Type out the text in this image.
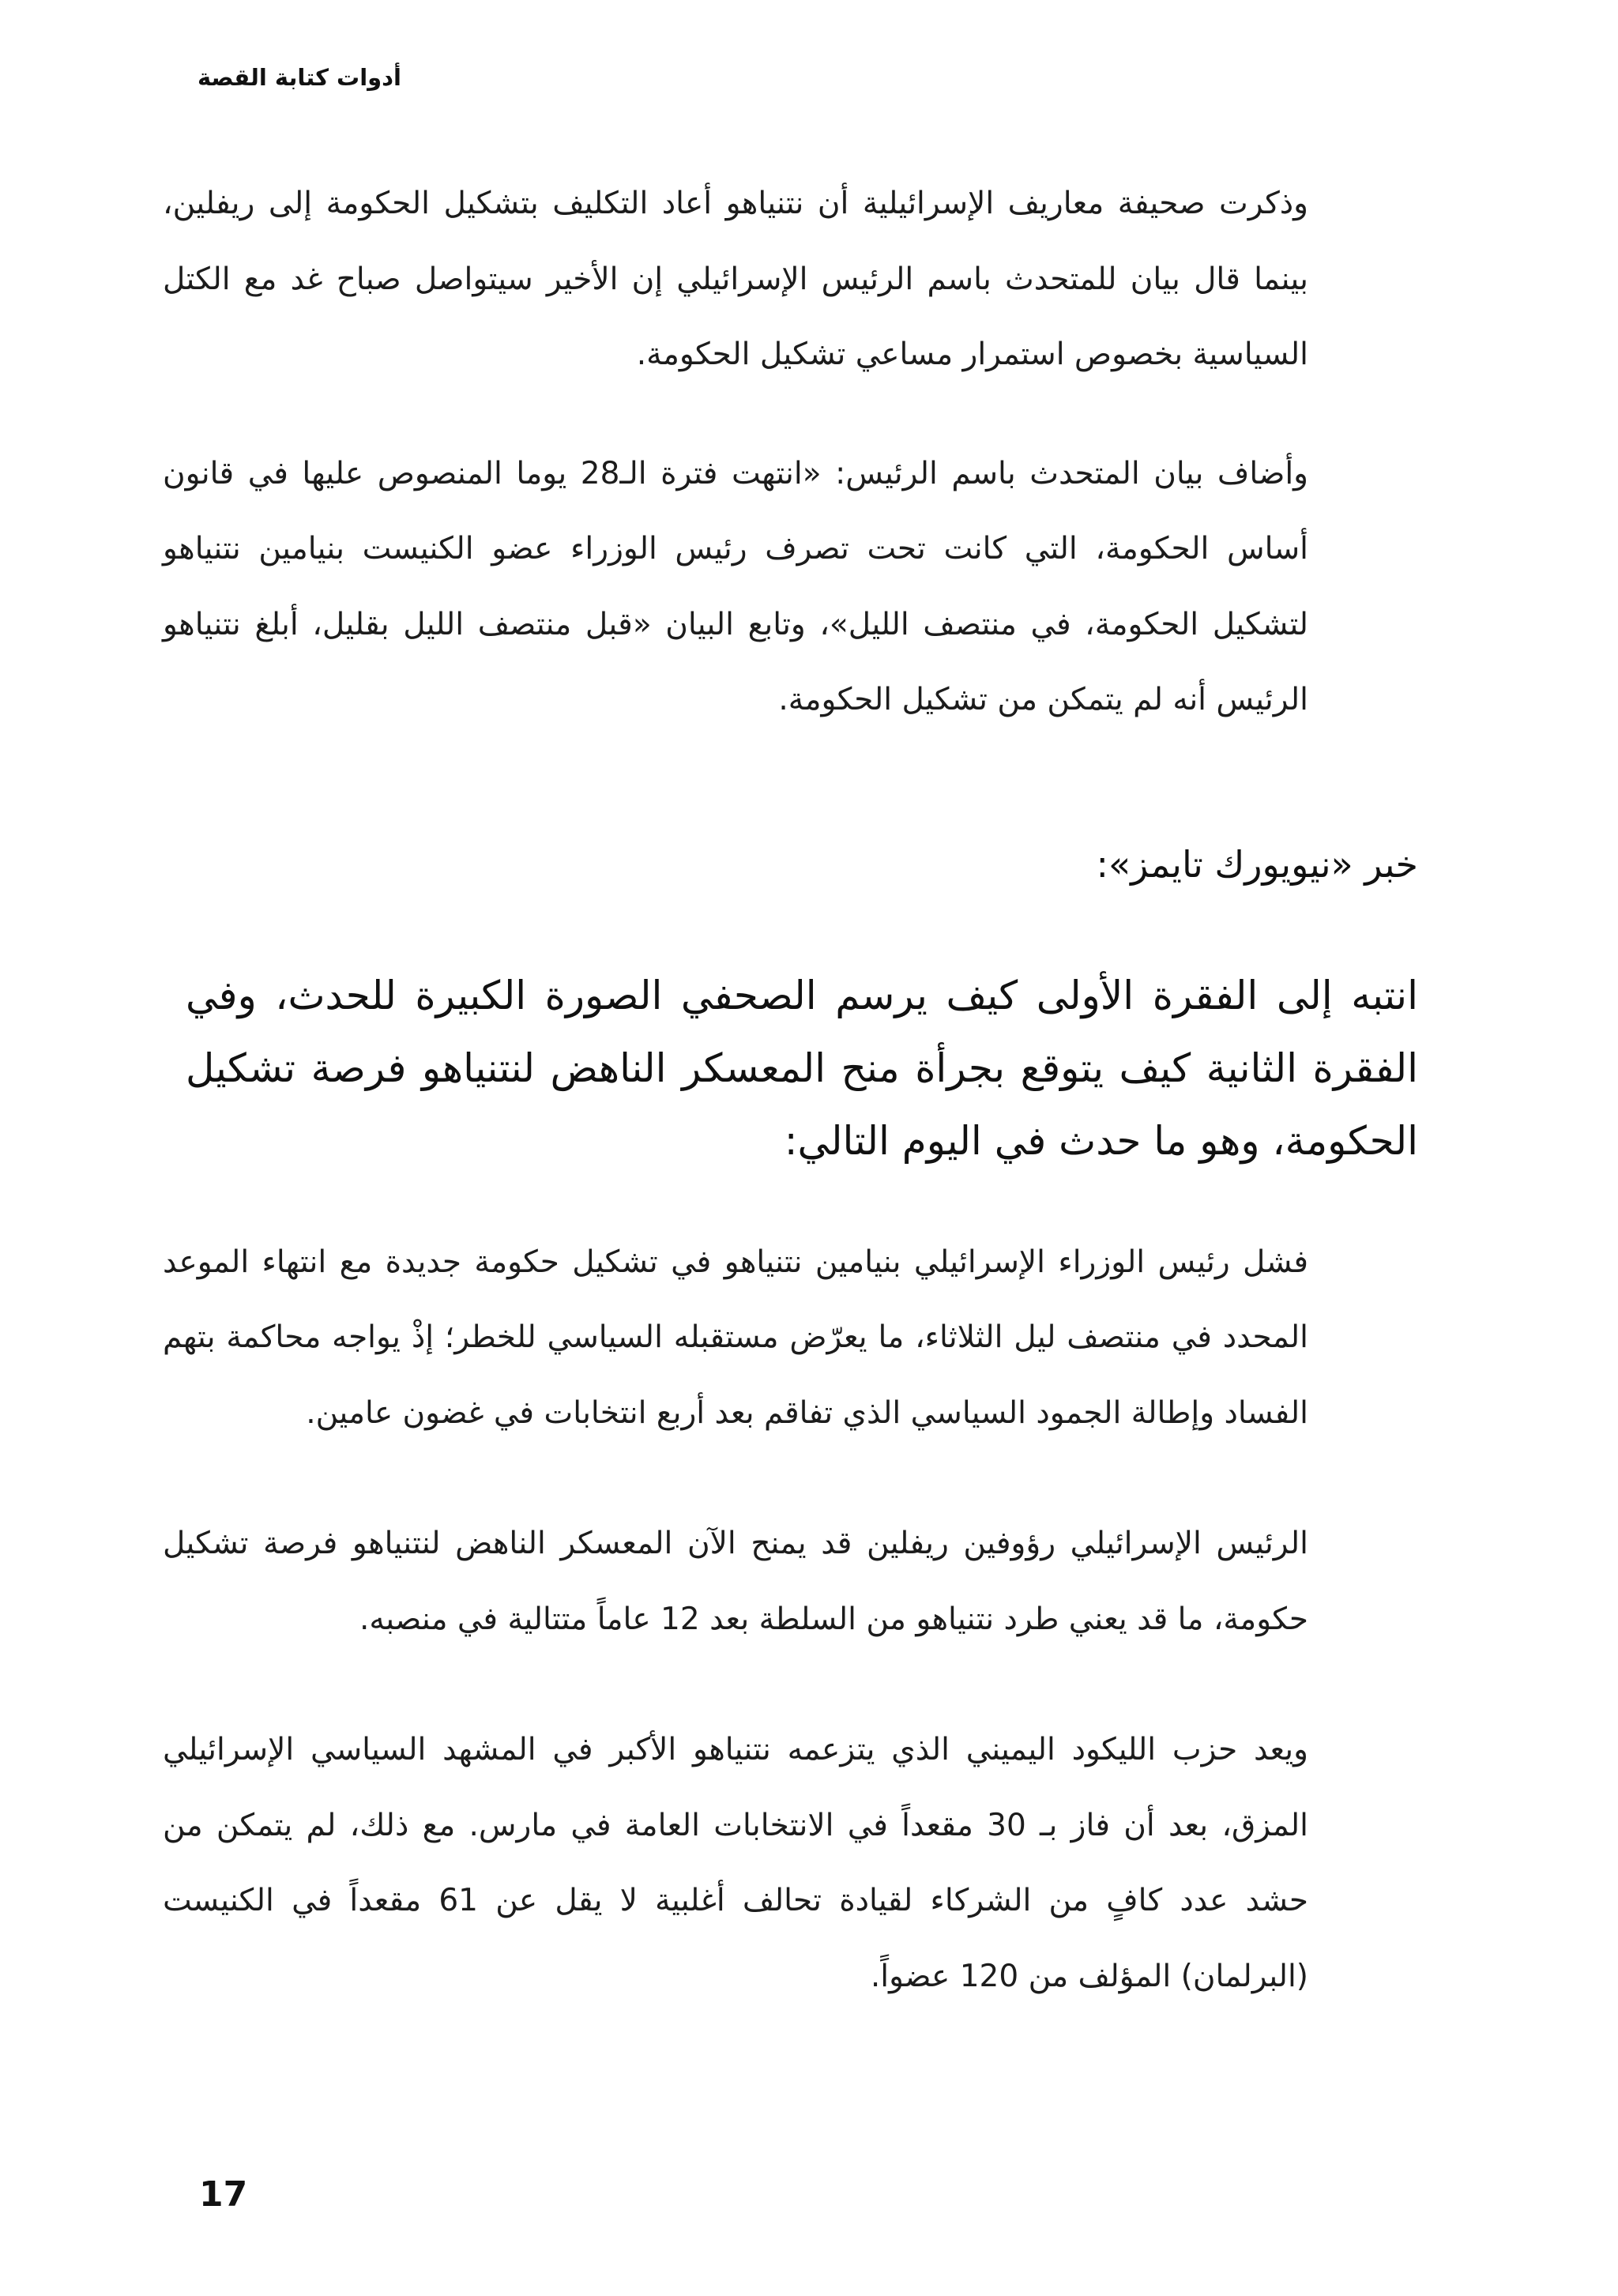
أدوات كتابة القصة

وذكرت صحيفة معاريف الإسرائيلية أن نتنياهو أعاد التكليف بتشكيل الحكومة إلى ريفلين، بينما قال بيان للمتحدث باسم الرئيس الإسرائيلي إن الأخير سيتواصل صباح غد مع الكتل السياسية بخصوص استمرار مساعي تشكيل الحكومة.

وأضاف بيان المتحدث باسم الرئيس: «انتهت فترة الـ28 يوما المنصوص عليها في قانون أساس الحكومة، التي كانت تحت تصرف رئيس الوزراء عضو الكنيست بنيامين نتنياهو لتشكيل الحكومة، في منتصف الليل»، وتابع البيان «قبل منتصف الليل بقليل، أبلغ نتنياهو الرئيس أنه لم يتمكن من تشكيل الحكومة.

خبر «نيويورك تايمز»:

انتبه إلى الفقرة الأولى كيف يرسم الصحفي الصورة الكبيرة للحدث، وفي الفقرة الثانية كيف يتوقع بجرأة منح المعسكر الناهض لنتنياهو فرصة تشكيل الحكومة، وهو ما حدث في اليوم التالي:

فشل رئيس الوزراء الإسرائيلي بنيامين نتنياهو في تشكيل حكومة جديدة مع انتهاء الموعد المحدد في منتصف ليل الثلاثاء، ما يعرّض مستقبله السياسي للخطر؛ إذْ يواجه محاكمة بتهم الفساد وإطالة الجمود السياسي الذي تفاقم بعد أربع انتخابات في غضون عامين.

الرئيس الإسرائيلي رؤوفين ريفلين قد يمنح الآن المعسكر الناهض لنتنياهو فرصة تشكيل حكومة، ما قد يعني طرد نتنياهو من السلطة بعد 12 عاماً متتالية في منصبه.

ويعد حزب الليكود اليميني الذي يتزعمه نتنياهو الأكبر في المشهد السياسي الإسرائيلي المزق، بعد أن فاز بـ 30 مقعداً في الانتخابات العامة في مارس. مع ذلك، لم يتمكن من حشد عدد كافٍ من الشركاء لقيادة تحالف أغلبية لا يقل عن 61 مقعداً في الكنيست (البرلمان) المؤلف من 120 عضواً.

17
